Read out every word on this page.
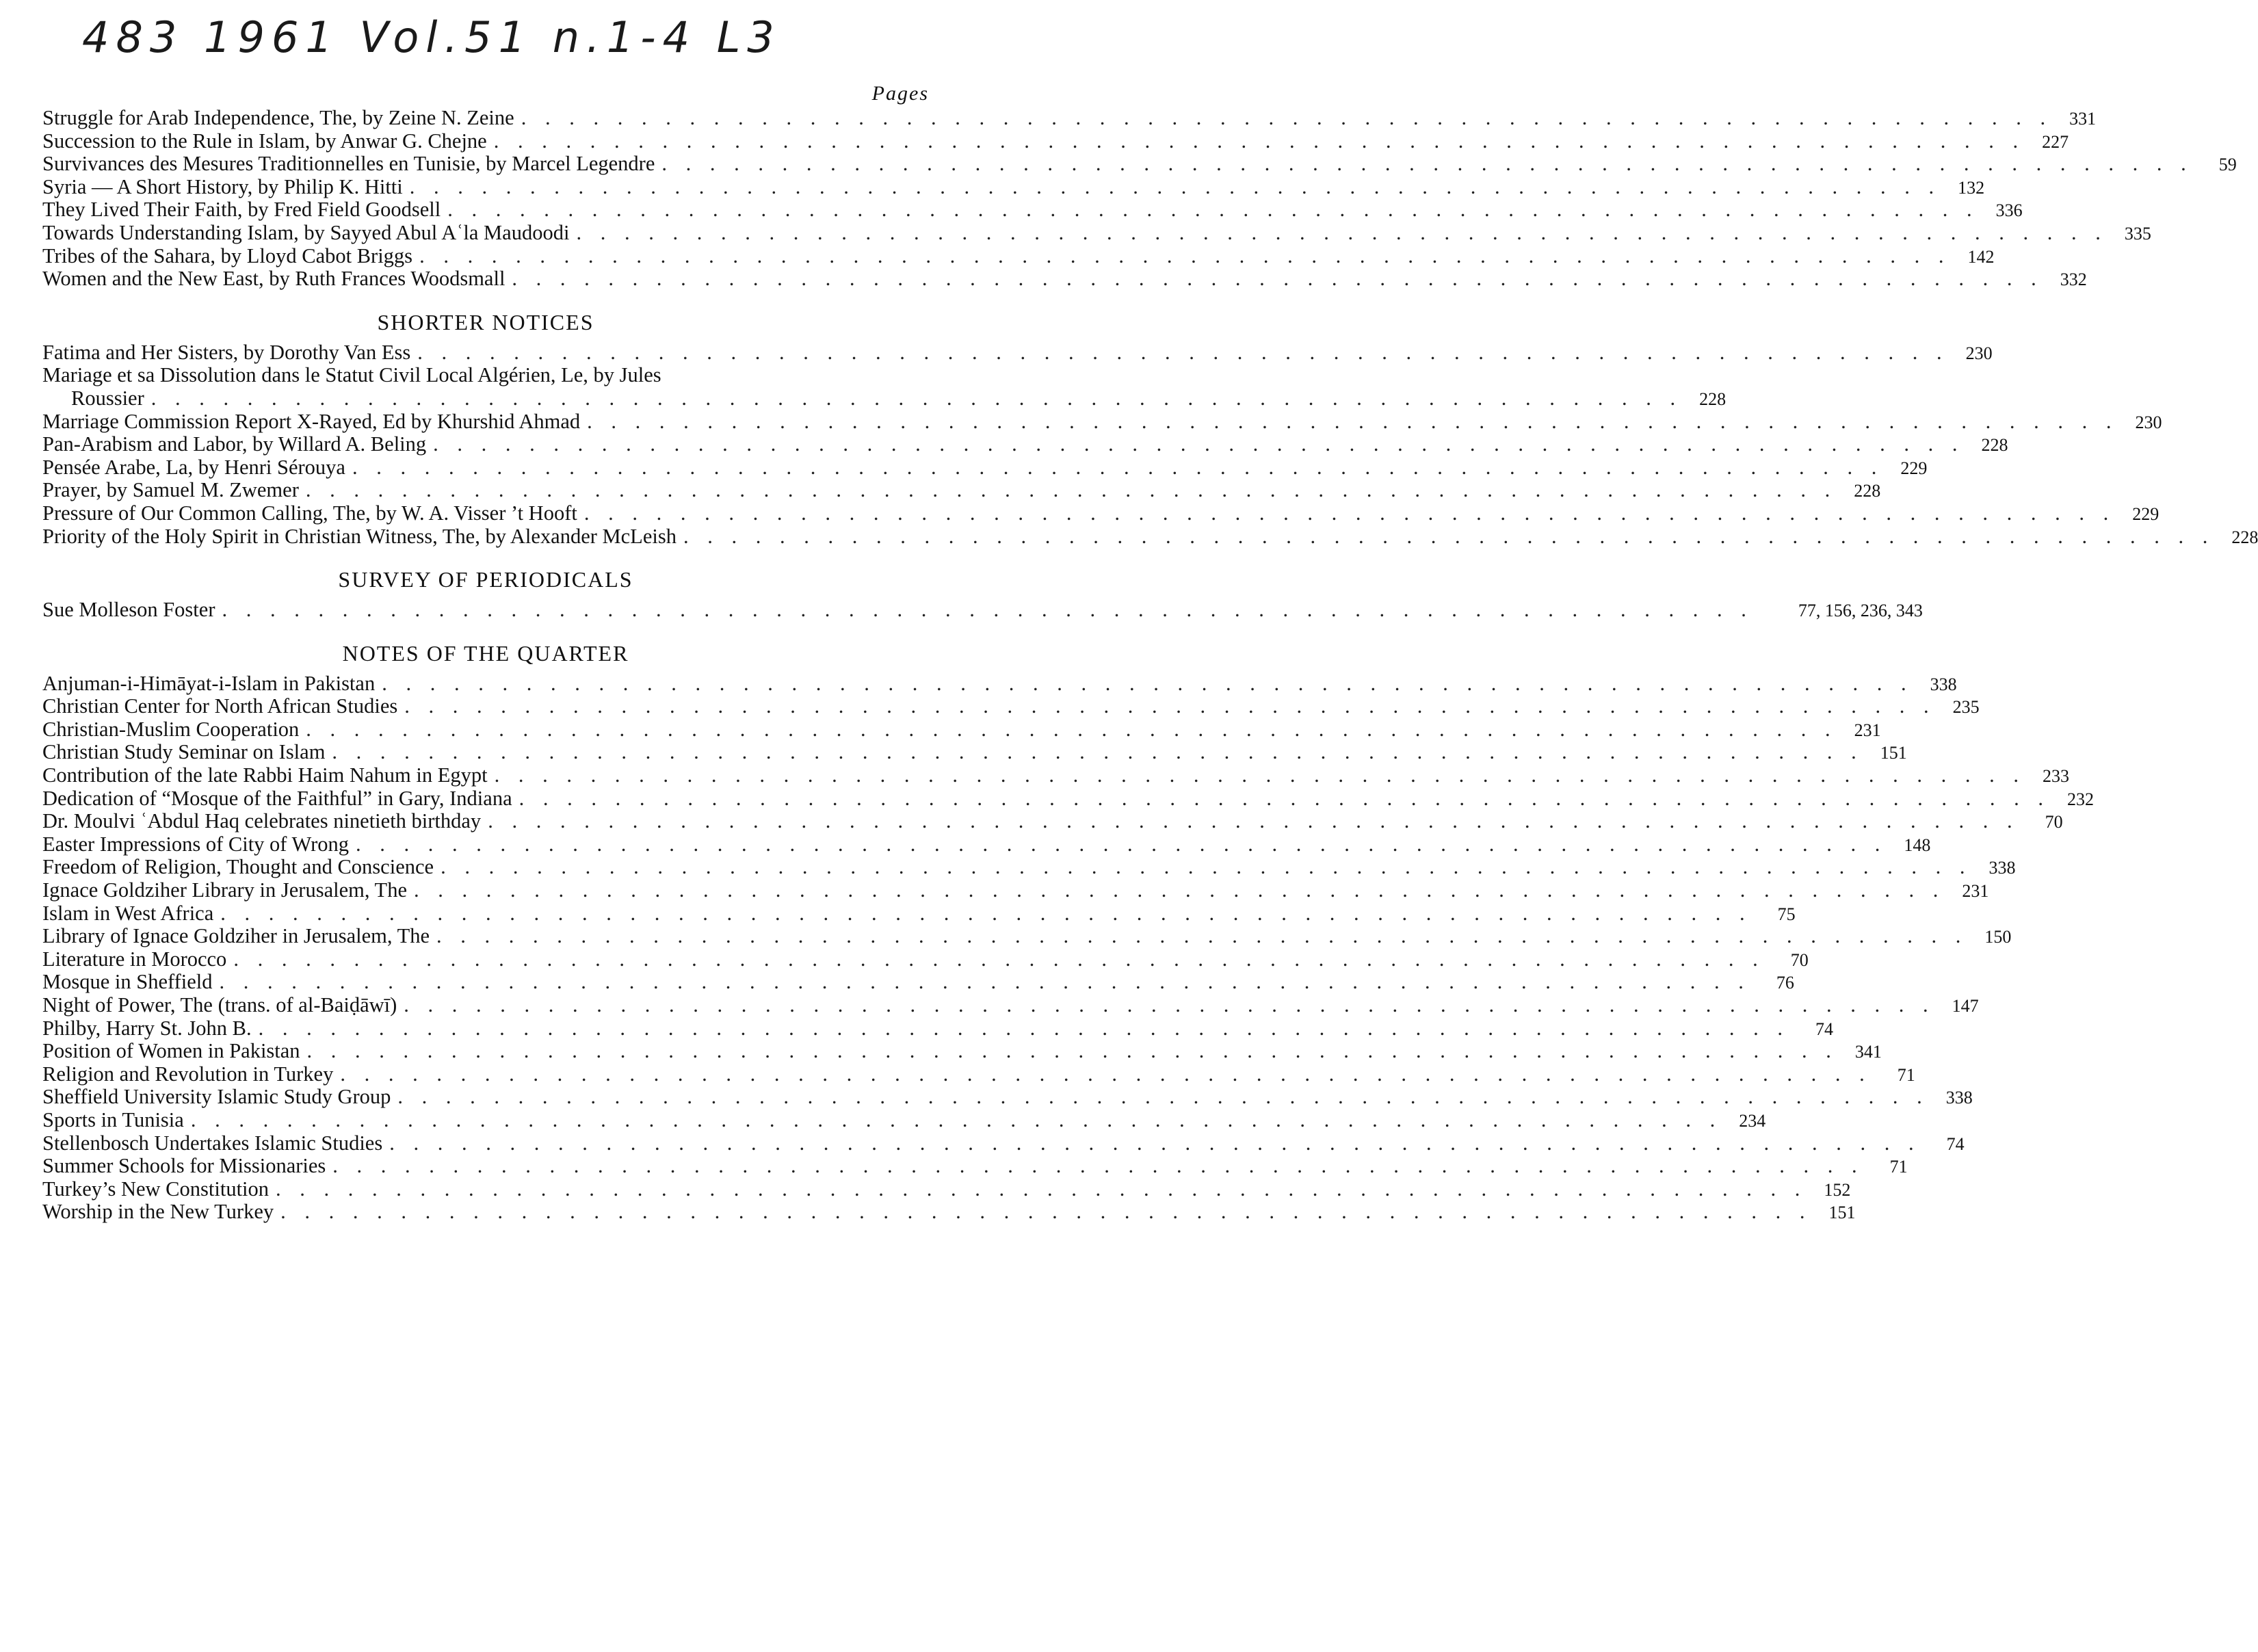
483 1961 Vol.51 n.1-4 L3
Pages
Struggle for Arab Independence, The, by Zeine N. Zeine . . .	331
Succession to the Rule in Islam, by Anwar G. Chejne . . .	227
Survivances des Mesures Traditionnelles en Tunisie, by Marcel Legendre . . .	59
Syria — A Short History, by Philip K. Hitti . . .	132
They Lived Their Faith, by Fred Field Goodsell . . .	336
Towards Understanding Islam, by Sayyed Abul Aʿla Maudoodi . . .	335
Tribes of the Sahara, by Lloyd Cabot Briggs . . .	142
Women and the New East, by Ruth Frances Woodsmall . . .	332
SHORTER NOTICES
Fatima and Her Sisters, by Dorothy Van Ess . . .	230
Mariage et sa Dissolution dans le Statut Civil Local Algérien, Le, by Jules
Roussier . . .	228
Marriage Commission Report X-Rayed, Ed by Khurshid Ahmad . . .	230
Pan-Arabism and Labor, by Willard A. Beling . . .	228
Pensée Arabe, La, by Henri Sérouya . . .	229
Prayer, by Samuel M. Zwemer . . .	228
Pressure of Our Common Calling, The, by W. A. Visser ’t Hooft . . .	229
Priority of the Holy Spirit in Christian Witness, The, by Alexander McLeish . . .	228
SURVEY OF PERIODICALS
Sue Molleson Foster . . .	77, 156, 236, 343
NOTES OF THE QUARTER
Anjuman-i-Himāyat-i-Islam in Pakistan . . .	338
Christian Center for North African Studies . . .	235
Christian-Muslim Cooperation . . .	231
Christian Study Seminar on Islam . . .	151
Contribution of the late Rabbi Haim Nahum in Egypt . . .	233
Dedication of “Mosque of the Faithful” in Gary, Indiana . . .	232
Dr. Moulvi ʿAbdul Haq celebrates ninetieth birthday . . .	70
Easter Impressions of City of Wrong . . .	148
Freedom of Religion, Thought and Conscience . . .	338
Ignace Goldziher Library in Jerusalem, The . . .	231
Islam in West Africa . . .	75
Library of Ignace Goldziher in Jerusalem, The . . .	150
Literature in Morocco . . .	70
Mosque in Sheffield . . .	76
Night of Power, The (trans. of al-Baiḍāwī) . . .	147
Philby, Harry St. John B. . . .	74
Position of Women in Pakistan . . .	341
Religion and Revolution in Turkey . . .	71
Sheffield University Islamic Study Group . . .	338
Sports in Tunisia . . .	234
Stellenbosch Undertakes Islamic Studies . . .	74
Summer Schools for Missionaries . . .	71
Turkey’s New Constitution . . .	152
Worship in the New Turkey . . .	151
